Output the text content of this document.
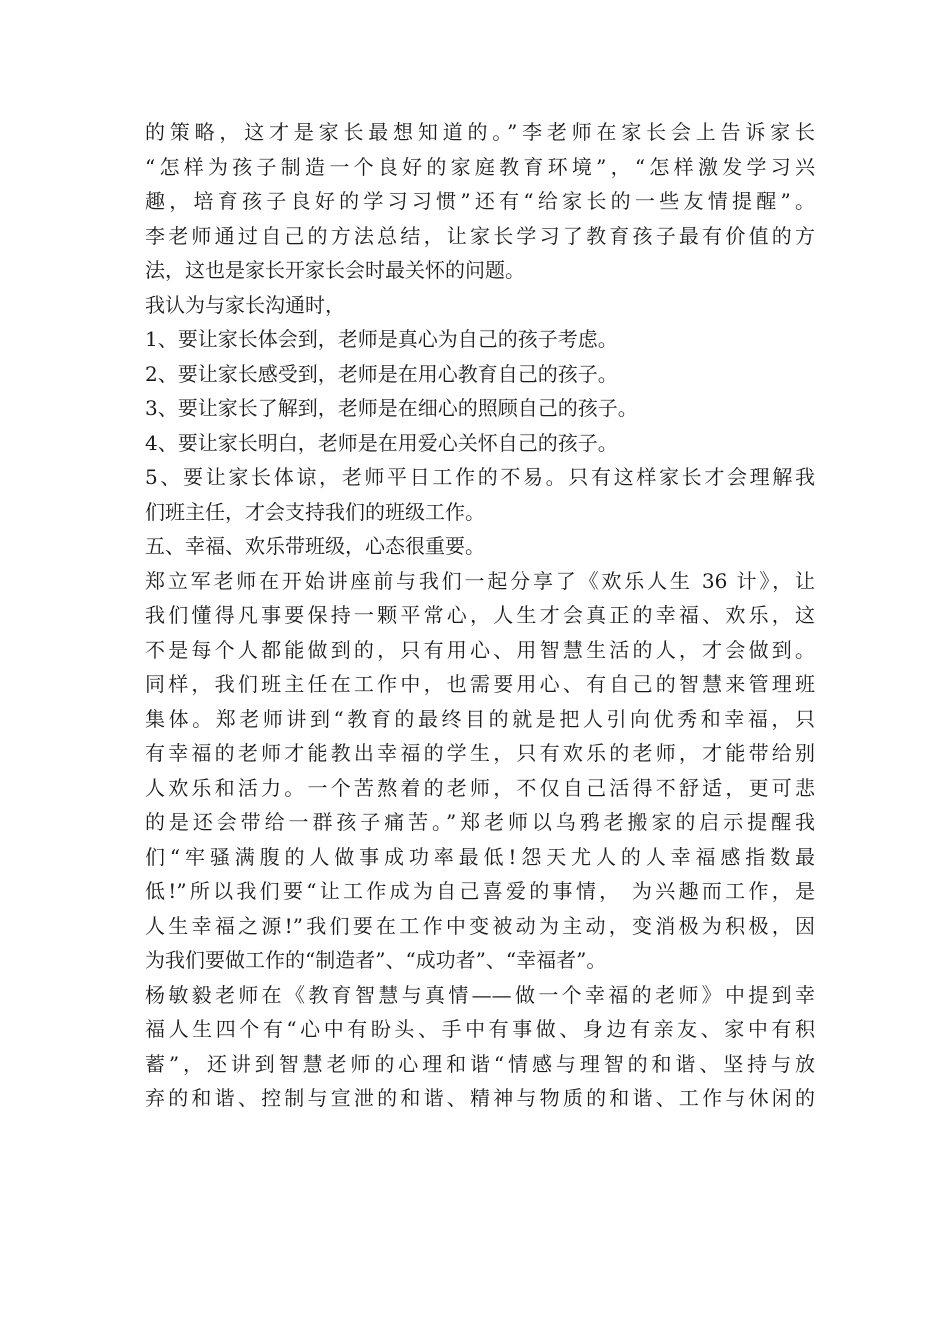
的策略，这才是家长最想知道的。”李老师在家长会上告诉家长
“怎样为孩子制造一个良好的家庭教育环境”，“怎样激发学习兴
趣，培育孩子良好的学习习惯”还有“给家长的一些友情提醒”。
李老师通过自己的方法总结，让家长学习了教育孩子最有价值的方
法，这也是家长开家长会时最关怀的问题。
我认为与家长沟通时，
1、要让家长体会到，老师是真心为自己的孩子考虑。
2、要让家长感受到，老师是在用心教育自己的孩子。
3、要让家长了解到，老师是在细心的照顾自己的孩子。
4、要让家长明白，老师是在用爱心关怀自己的孩子。
5、要让家长体谅，老师平日工作的不易。只有这样家长才会理解我
们班主任，才会支持我们的班级工作。
五、幸福、欢乐带班级，心态很重要。
郑立军老师在开始讲座前与我们一起分享了《欢乐人生 36 计》，让
我们懂得凡事要保持一颗平常心，人生才会真正的幸福、欢乐，这
不是每个人都能做到的，只有用心、用智慧生活的人，才会做到。
同样，我们班主任在工作中，也需要用心、有自己的智慧来管理班
集体。郑老师讲到“教育的最终目的就是把人引向优秀和幸福，只
有幸福的老师才能教出幸福的学生，只有欢乐的老师，才能带给别
人欢乐和活力。一个苦熬着的老师，不仅自己活得不舒适，更可悲
的是还会带给一群孩子痛苦。”郑老师以乌鸦老搬家的启示提醒我
们“牢骚满腹的人做事成功率最低!怨天尤人的人幸福感指数最
低!”所以我们要“让工作成为自己喜爱的事情， 为兴趣而工作，是
人生幸福之源!”我们要在工作中变被动为主动，变消极为积极，因
为我们要做工作的“制造者”、“成功者”、“幸福者”。
杨敏毅老师在《教育智慧与真情——做一个幸福的老师》中提到幸
福人生四个有“心中有盼头、手中有事做、身边有亲友、家中有积
蓄”，还讲到智慧老师的心理和谐“情感与理智的和谐、坚持与放
弃的和谐、控制与宣泄的和谐、精神与物质的和谐、工作与休闲的
